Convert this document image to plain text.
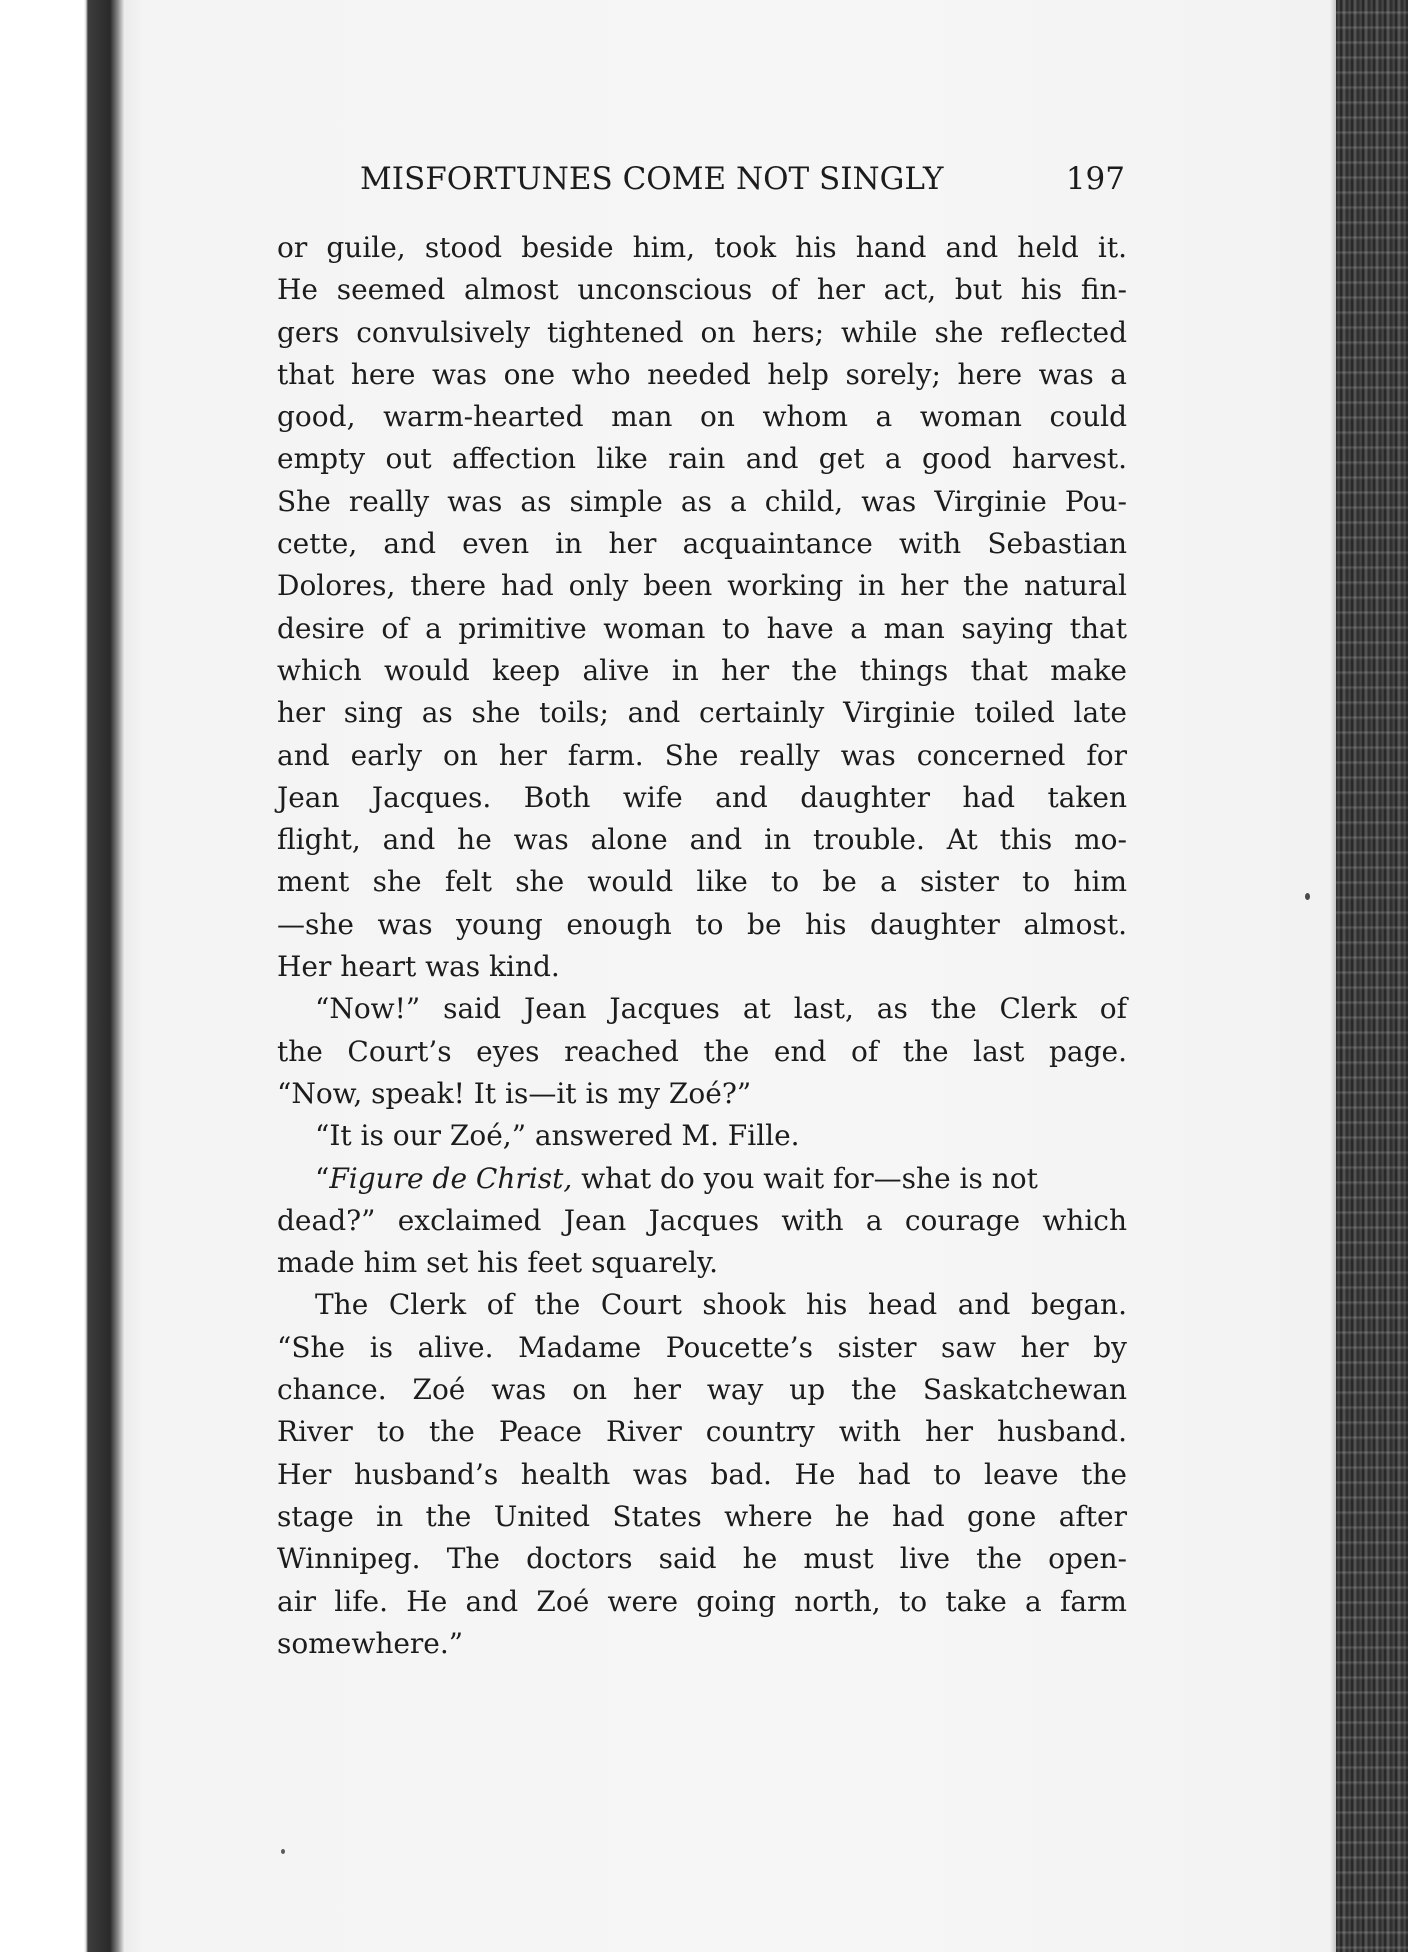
MISFORTUNES COME NOT SINGLY	197
or guile, stood beside him, took his hand and held it.
He seemed almost unconscious of her act, but his fin-
gers convulsively tightened on hers; while she reflected
that here was one who needed help sorely; here was a
good, warm-hearted man on whom a woman could
empty out affection like rain and get a good harvest.
She really was as simple as a child, was Virginie Pou-
cette, and even in her acquaintance with Sebastian
Dolores, there had only been working in her the natural
desire of a primitive woman to have a man saying that
which would keep alive in her the things that make
her sing as she toils; and certainly Virginie toiled late
and early on her farm. She really was concerned for
Jean Jacques. Both wife and daughter had taken
flight, and he was alone and in trouble. At this mo-
ment she felt she would like to be a sister to him
—she was young enough to be his daughter almost.
Her heart was kind.
“Now!” said Jean Jacques at last, as the Clerk of
the Court’s eyes reached the end of the last page.
“Now, speak! It is—it is my Zoé?”
“It is our Zoé,” answered M. Fille.
“Figure de Christ, what do you wait for—she is not
dead?” exclaimed Jean Jacques with a courage which
made him set his feet squarely.
The Clerk of the Court shook his head and began.
“She is alive. Madame Poucette’s sister saw her by
chance. Zoé was on her way up the Saskatchewan
River to the Peace River country with her husband.
Her husband’s health was bad. He had to leave the
stage in the United States where he had gone after
Winnipeg. The doctors said he must live the open-
air life. He and Zoé were going north, to take a farm
somewhere.”
